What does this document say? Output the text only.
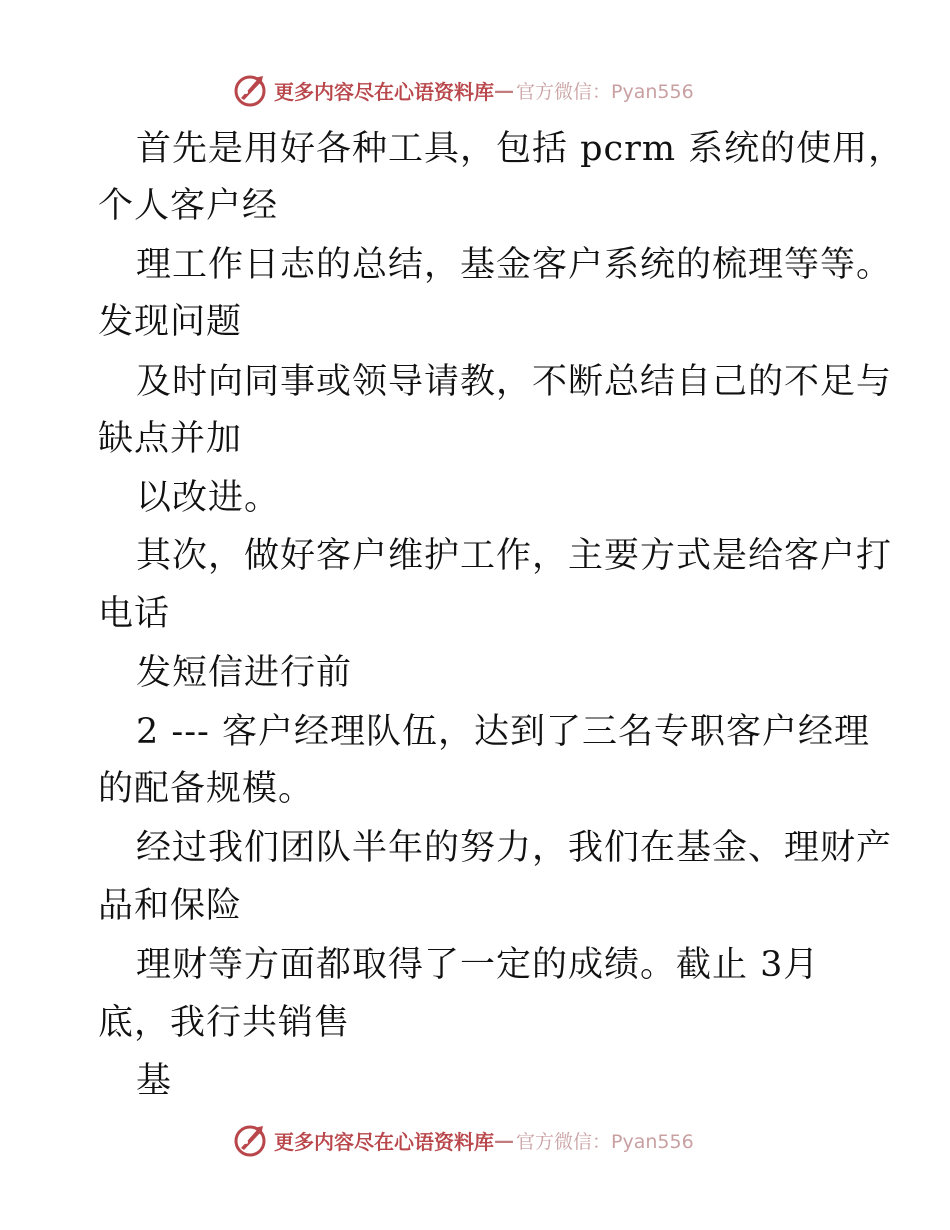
更多内容尽在心语资料库 — 官方微信：Pyan556
首先是用好各种工具，包括 pcrm 系统的使用，
个人客户经
理工作日志的总结，基金客户系统的梳理等等。
发现问题
及时向同事或领导请教，不断总结自己的不足与
缺点并加
以改进。
其次，做好客户维护工作，主要方式是给客户打
电话
发短信进行前
2 --- 客户经理队伍，达到了三名专职客户经理
的配备规模。
经过我们团队半年的努力，我们在基金、理财产
品和保险
理财等方面都取得了一定的成绩。截止 3月
底，我行共销售
基
更多内容尽在心语资料库 — 官方微信：Pyan556
